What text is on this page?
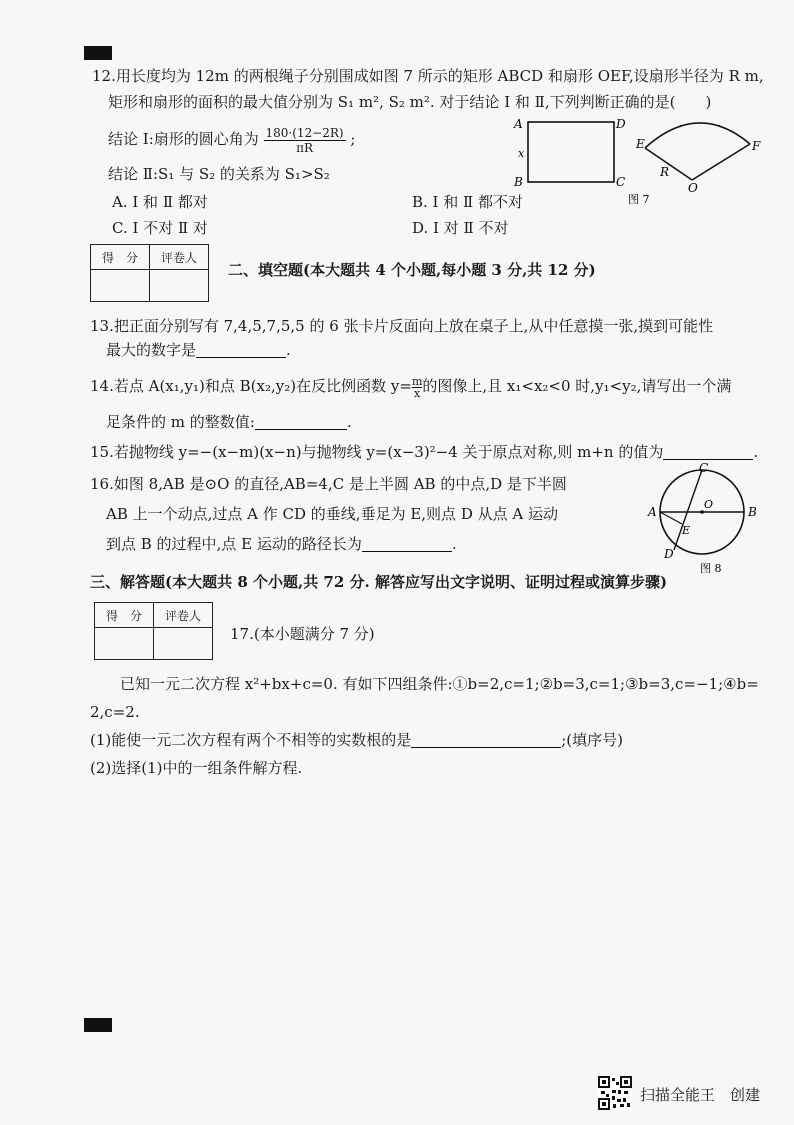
12.用长度均为 12m 的两根绳子分别围成如图 7 所示的矩形 ABCD 和扇形 OEF,设扇形半径为 R m,
矩形和扇形的面积的最大值分别为 S₁ m², S₂ m². 对于结论 Ⅰ 和 Ⅱ,下列判断正确的是(　　)
结论 Ⅰ:扇形的圆心角为 $\frac{180\cdot(12-2R)}{\pi R}$ ;
结论 Ⅱ:S₁ 与 S₂ 的关系为 S₁>S₂
A. Ⅰ 和 Ⅱ 都对	B. Ⅰ 和 Ⅱ 都不对
C. Ⅰ 不对 Ⅱ 对	D. Ⅰ 对 Ⅱ 不对
A	D
B	C
x
E	F
O
R
图 7
得　分	评卷人

二、填空题(本大题共 4 个小题,每小题 3 分,共 12 分)
13.把正面分别写有 7,4,5,7,5,5 的 6 张卡片反面向上放在桌子上,从中任意摸一张,摸到可能性
最大的数字是	.
14.若点 A(x₁,y₁)和点 B(x₂,y₂)在反比例函数 $y= \frac{m}{x}$的图像上,且 x₁<x₂<0 时,y₁<y₂,请写出一个满
足条件的 m 的整数值:	.
15.若抛物线 y=−(x−m)(x−n)与抛物线 y=(x−3)²−4 关于原点对称,则 m+n 的值为	.
16.如图 8,AB 是⊙O 的直径,AB=4,C 是上半圆 AB 的中点,D 是下半圆
AB 上一个动点,过点 A 作 CD 的垂线,垂足为 E,则点 D 从点 A 运动
到点 B 的过程中,点 E 运动的路径长为	.
A	B
C
D
E
O
图 8
三、解答题(本大题共 8 个小题,共 72 分. 解答应写出文字说明、证明过程或演算步骤)
得　分	评卷人

17.(本小题满分 7 分)
已知一元二次方程 x²+bx+c=0. 有如下四组条件:①b=2,c=1;②b=3,c=1;③b=3,c=−1;④b=
2,c=2.
(1)能使一元二次方程有两个不相等的实数根的是	;(填序号)
(2)选择(1)中的一组条件解方程.
扫描全能王　创建
